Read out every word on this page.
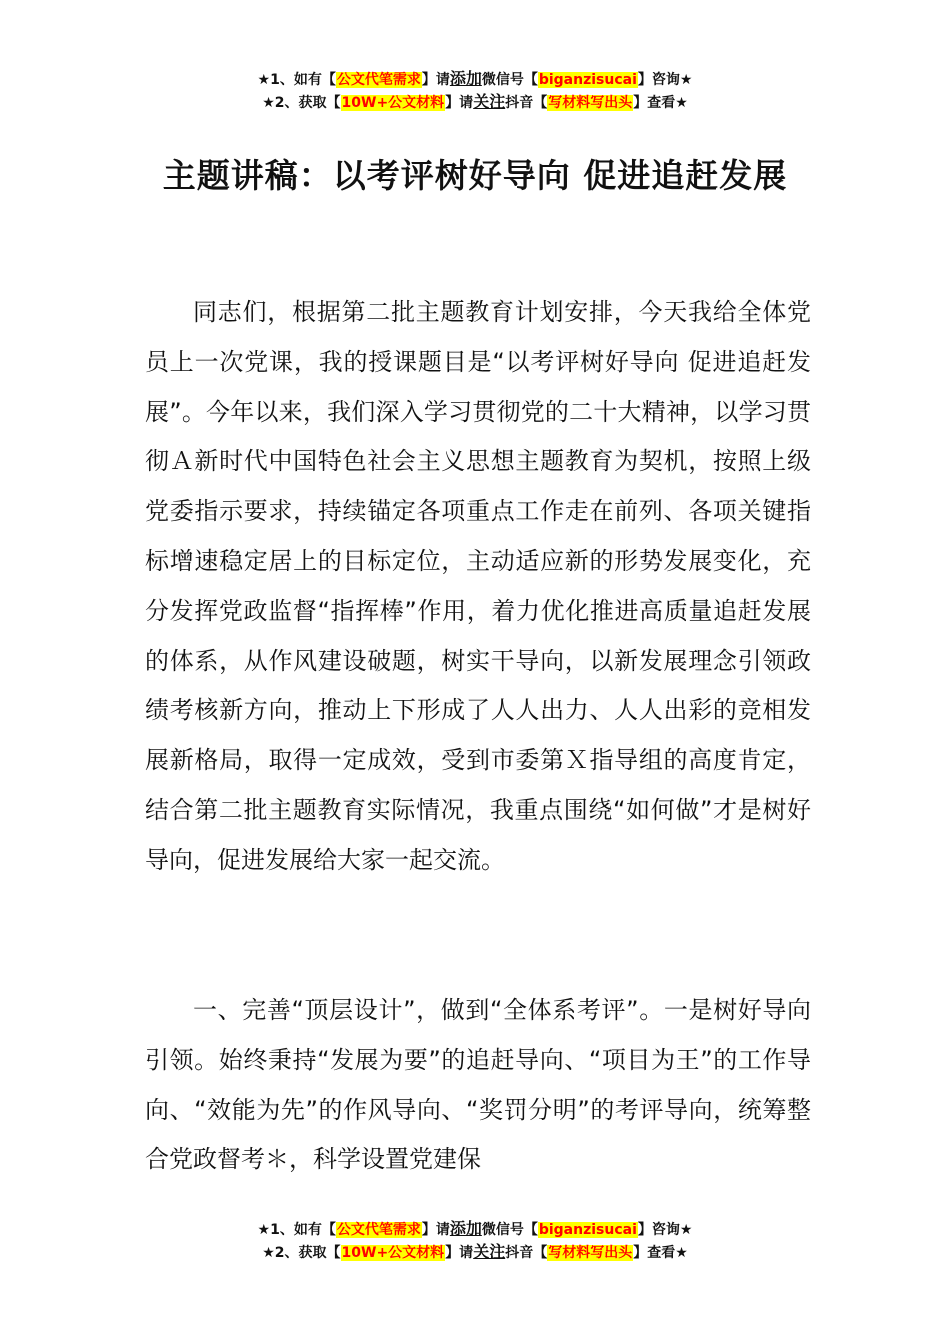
★1、如有【公文代笔需求】请添加微信号【biganzisucai】咨询★
★2、获取【10W+公文材料】请关注抖音【写材料写出头】查看★
主题讲稿：以考评树好导向 促进追赶发展

同志们，根据第二批主题教育计划安排，今天我给全体党员上一次党课，我的授课题目是“以考评树好导向 促进追赶发展”。今年以来，我们深入学习贯彻党的二十大精神，以学习贯彻Ａ新时代中国特色社会主义思想主题教育为契机，按照上级党委指示要求，持续锚定各项重点工作走在前列、各项关键指标增速稳定居上的目标定位，主动适应新的形势发展变化，充分发挥党政监督“指挥棒”作用，着力优化推进高质量追赶发展的体系，从作风建设破题，树实干导向，以新发展理念引领政绩考核新方向，推动上下形成了人人出力、人人出彩的竞相发展新格局，取得一定成效，受到市委第Ｘ指导组的高度肯定，结合第二批主题教育实际情况，我重点围绕“如何做”才是树好导向，促进发展给大家一起交流。

一、完善“顶层设计”，做到“全体系考评”。一是树好导向引领。始终秉持“发展为要”的追赶导向、“项目为王”的工作导向、“效能为先”的作风导向、“奖罚分明”的考评导向，统筹整合党政督考＊，科学设置党建保

★1、如有【公文代笔需求】请添加微信号【biganzisucai】咨询★
★2、获取【10W+公文材料】请关注抖音【写材料写出头】查看★
